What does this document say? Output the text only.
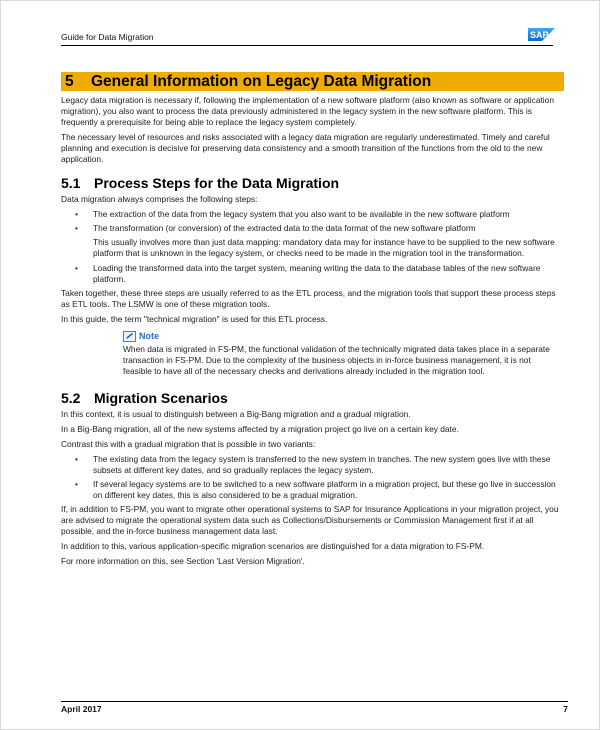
Guide for Data Migration	SAP
5 General Information on Legacy Data Migration

Legacy data migration is necessary if, following the implementation of a new software platform (also known as software or application migration), you also want to process the data previously administered in the legacy system in the new software platform. This is frequently a prerequisite for being able to replace the legacy system completely.

The necessary level of resources and risks associated with a legacy data migration are regularly underestimated. Timely and careful planning and execution is decisive for preserving data consistency and a smooth transition of the functions from the old to the new application.

5.1 Process Steps for the Data Migration

Data migration always comprises the following steps:

• The extraction of the data from the legacy system that you also want to be available in the new software platform
• The transformation (or conversion) of the extracted data to the data format of the new software platform
This usually involves more than just data mapping: mandatory data may for instance have to be supplied to the new software platform that is unknown in the legacy system, or checks need to be made in the migration tool in the transformation.
• Loading the transformed data into the target system, meaning writing the data to the database tables of the new software platform.

Taken together, these three steps are usually referred to as the ETL process, and the migration tools that support these process steps as ETL tools. The LSMW is one of these migration tools.

In this guide, the term "technical migration" is used for this ETL process.

Note
When data is migrated in FS-PM, the functional validation of the technically migrated data takes place in a separate transaction in FS-PM. Due to the complexity of the business objects in in-force business management, it is not feasible to have all of the necessary checks and derivations already included in the migration tool.
5.2 Migration Scenarios

In this context, it is usual to distinguish between a Big-Bang migration and a gradual migration.

In a Big-Bang migration, all of the new systems affected by a migration project go live on a certain key date.

Contrast this with a gradual migration that is possible in two variants:

• The existing data from the legacy system is transferred to the new system in tranches. The new system goes live with these subsets at different key dates, and so gradually replaces the legacy system.
• If several legacy systems are to be switched to a new software platform in a migration project, but these go live in succession on different key dates, this is also considered to be a gradual migration.

If, in addition to FS-PM, you want to migrate other operational systems to SAP for Insurance Applications in your migration project, you are advised to migrate the operational system data such as Collections/Disbursements or Commission Management first if at all possible, and the in-force business management data last.

In addition to this, various application-specific migration scenarios are distinguished for a data migration to FS-PM.

For more information on this, see Section 'Last Version Migration'.

April 2017	7
